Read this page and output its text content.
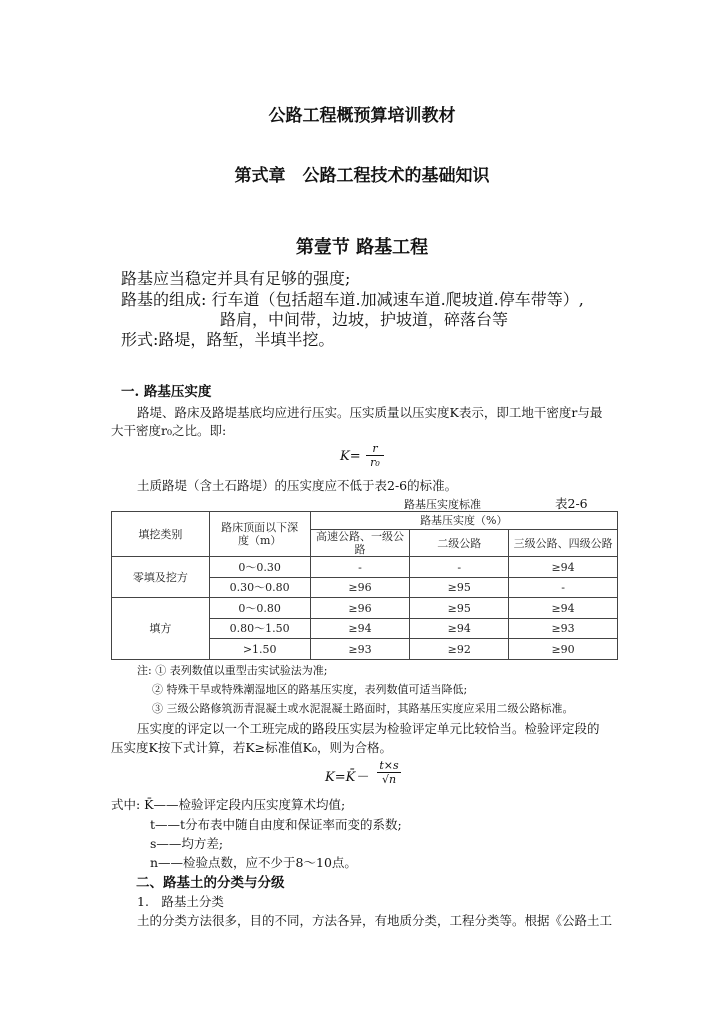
公路工程概预算培训教材
第式章　公路工程技术的基础知识
第壹节 路基工程
路基应当稳定并具有足够的强度;
路基的组成: 行车道（包括超车道.加减速车道.爬坡道.停车带等）,
路肩，中间带，边坡，护坡道，碎落台等
形式:路堤，路堑，半填半挖。
一. 路基压实度
路堤、路床及路堤基底均应进行压实。压实质量以压实度K表示，即工地干密度r与最
大干密度r₀之比。即:
K=
r
r₀
土质路堤（含土石路堤）的压实度应不低于表2-6的标准。
路基压实度标准	表2-6
填挖类别	路床顶面以下深度（m）	路基压实度（%）		
		高速公路、一级公路	二级公路	三级公路、四级公路
零填及挖方	0～0.30	-	-	≥94
	0.30～0.80	≥96	≥95	-
填方	0～0.80	≥96	≥95	≥94
	0.80～1.50	≥94	≥94	≥93
	>1.50	≥93	≥92	≥90
注: ① 表列数值以重型击实试验法为准;
② 特殊干旱或特殊潮湿地区的路基压实度，表列数值可适当降低;
③ 三级公路修筑沥青混凝土或水泥混凝土路面时，其路基压实度应采用二级公路标准。
压实度的评定以一个工班完成的路段压实层为检验评定单元比较恰当。检验评定段的
压实度K按下式计算，若K≥标准值K₀，则为合格。
K=K̄－
t×s
√n
式中: K̄——检验评定段内压实度算术均值;
t——t分布表中随自由度和保证率而变的系数;
s——均方差;
n——检验点数，应不少于8～10点。
二、路基土的分类与分级
1.　路基土分类
土的分类方法很多，目的不同，方法各异，有地质分类，工程分类等。根据《公路土工
